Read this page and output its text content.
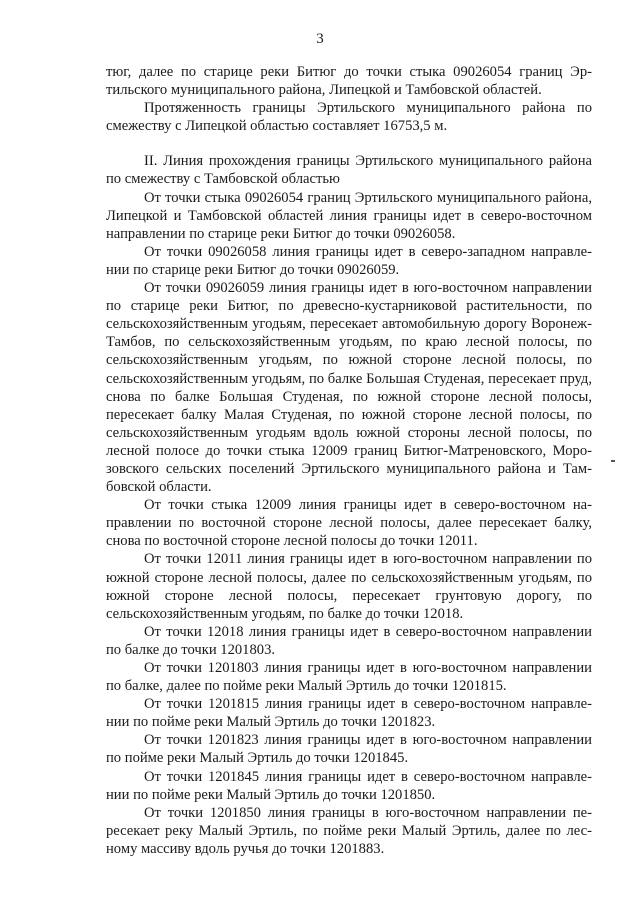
3

тюг, далее по старице реки Битюг до точки стыка 09026054 границ Эртильского муниципального района, Липецкой и Тамбовской областей.

Протяженность границы Эртильского муниципального района по смежеству с Липецкой областью составляет 16753,5 м.

II. Линия прохождения границы Эртильского муниципального района по смежеству с Тамбовской областью

От точки стыка 09026054 границ Эртильского муниципального района, Липецкой и Тамбовской областей линия границы идет в северо-восточном направлении по старице реки Битюг до точки 09026058.

От точки 09026058 линия границы идет в северо-западном направлении по старице реки Битюг до точки 09026059.

От точки 09026059 линия границы идет в юго-восточном направлении по старице реки Битюг, по древесно-кустарниковой растительности, по сельскохозяйственным угодьям, пересекает автомобильную дорогу Воронеж-Тамбов, по сельскохозяйственным угодьям, по краю лесной полосы, по сельскохозяйственным угодьям, по южной стороне лесной полосы, по сельскохозяйственным угодьям, по балке Большая Студеная, пересекает пруд, снова по балке Большая Студеная, по южной стороне лесной полосы, пересекает балку Малая Студеная, по южной стороне лесной полосы, по сельскохозяйственным угодьям вдоль южной стороны лесной полосы, по лесной полосе до точки стыка 12009 границ Битюг-Матреновского, Морозовского сельских поселений Эртильского муниципального района и Тамбовской области.

От точки стыка 12009 линия границы идет в северо-восточном направлении по восточной стороне лесной полосы, далее пересекает балку, снова по восточной стороне лесной полосы до точки 12011.

От точки 12011 линия границы идет в юго-восточном направлении по южной стороне лесной полосы, далее по сельскохозяйственным угодьям, по южной стороне лесной полосы, пересекает грунтовую дорогу, по сельскохозяйственным угодьям, по балке до точки 12018.

От точки 12018 линия границы идет в северо-восточном направлении по балке до точки 1201803.

От точки 1201803 линия границы идет в юго-восточном направлении по балке, далее по пойме реки Малый Эртиль до точки 1201815.

От точки 1201815 линия границы идет в северо-восточном направлении по пойме реки Малый Эртиль до точки 1201823.

От точки 1201823 линия границы идет в юго-восточном направлении по пойме реки Малый Эртиль до точки 1201845.

От точки 1201845 линия границы идет в северо-восточном направлении по пойме реки Малый Эртиль до точки 1201850.

От точки 1201850 линия границы в юго-восточном направлении пересекает реку Малый Эртиль, по пойме реки Малый Эртиль, далее по лесному массиву вдоль ручья до точки 1201883.
